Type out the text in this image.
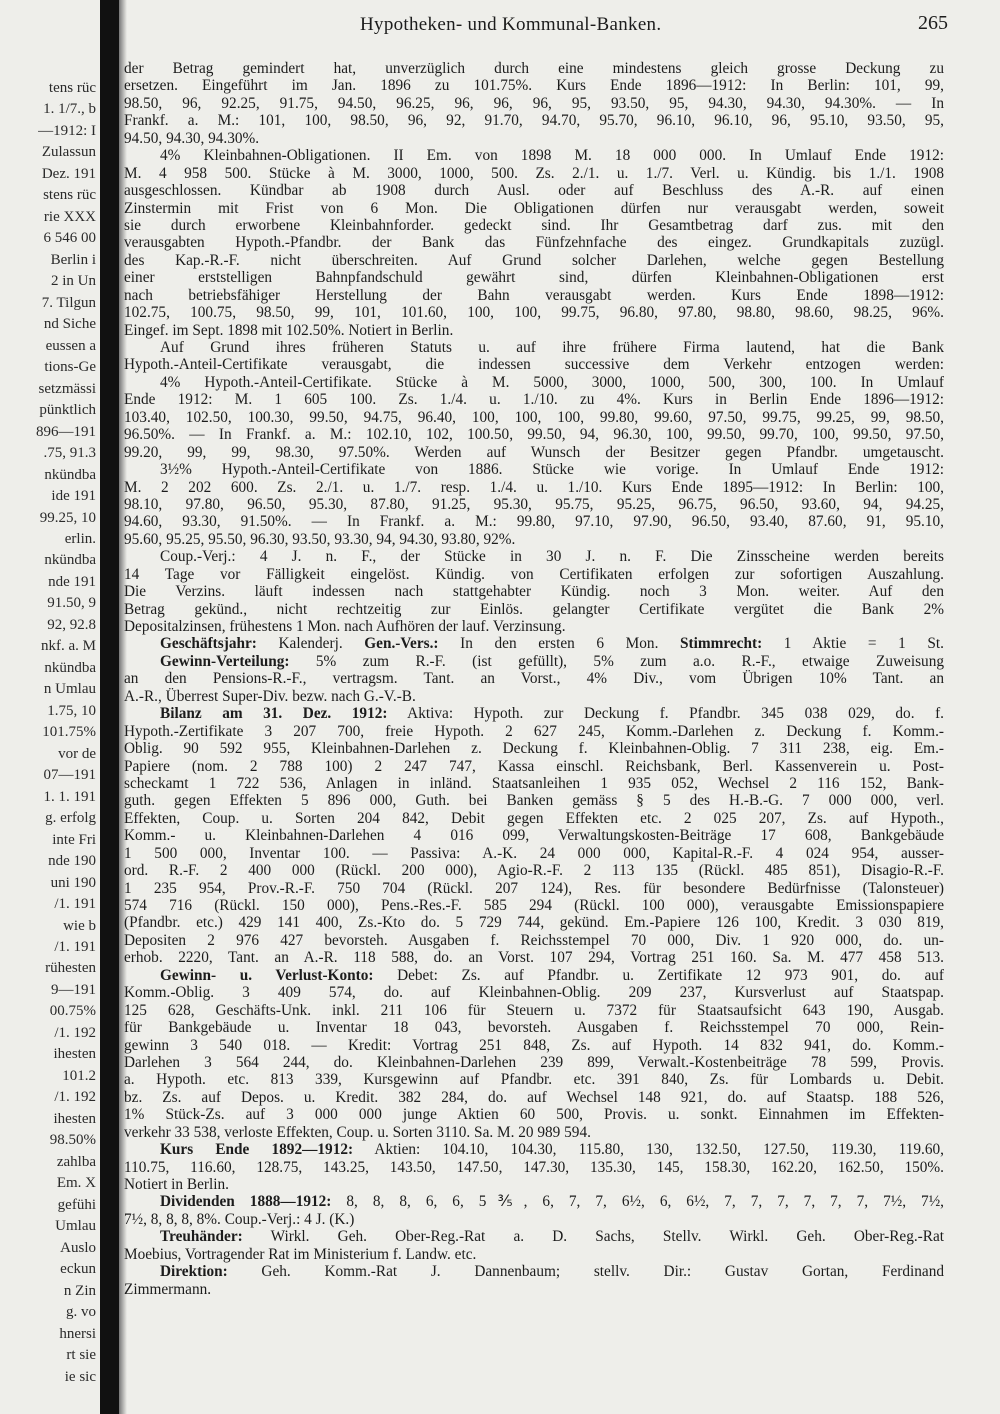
tens rüc
1. 1/7., b
—1912: I
Zulassun
Dez. 191
stens rüc
rie XXX
6 546 00
Berlin i
2 in Un
7. Tilgun
nd Siche
eussen a
tions-Ge
setzmässi
pünktlich
896—191
.75, 91.3
nkündba
ide 191
99.25, 10
erlin.
nkündba
nde 191
91.50, 9
92, 92.8
nkf. a. M
nkündba
n Umlau
1.75, 10
101.75%
vor de
07—191
1. 1. 191
g. erfolg
inte Fri
nde 190
uni 190
/1. 191
wie b
/1. 191
rühesten
9—191
00.75%
/1. 192
ihesten
101.2
/1. 192
ihesten
98.50%
zahlba
Em. X
gefühi
Umlau
Auslo
eckun
n Zin
g. vo
hnersi
rt sie
ie sic
Hypotheken- und Kommunal-Banken.	265
der Betrag gemindert hat, unverzüglich durch eine mindestens gleich grosse Deckung zu
ersetzen. Eingeführt im Jan. 1896 zu 101.75%. Kurs Ende 1896—1912: In Berlin: 101, 99,
98.50, 96, 92.25, 91.75, 94.50, 96.25, 96, 96, 96, 95, 93.50, 95, 94.30, 94.30, 94.30%. — In
Frankf. a. M.: 101, 100, 98.50, 96, 92, 91.70, 94.70, 95.70, 96.10, 96.10, 96, 95.10, 93.50, 95,
94.50, 94.30, 94.30%.
4% Kleinbahnen-Obligationen. II Em. von 1898 M. 18 000 000. In Umlauf Ende 1912:
M. 4 958 500. Stücke à M. 3000, 1000, 500. Zs. 2./1. u. 1./7. Verl. u. Kündig. bis 1./1. 1908
ausgeschlossen. Kündbar ab 1908 durch Ausl. oder auf Beschluss des A.-R. auf einen
Zinstermin mit Frist von 6 Mon. Die Obligationen dürfen nur verausgabt werden, soweit
sie durch erworbene Kleinbahnforder. gedeckt sind. Ihr Gesamtbetrag darf zus. mit den
verausgabten Hypoth.-Pfandbr. der Bank das Fünfzehnfache des eingez. Grundkapitals zuzügl.
des Kap.-R.-F. nicht überschreiten. Auf Grund solcher Darlehen, welche gegen Bestellung
einer erststelligen Bahnpfandschuld gewährt sind, dürfen Kleinbahnen-Obligationen erst
nach betriebsfähiger Herstellung der Bahn verausgabt werden. Kurs Ende 1898—1912:
102.75, 100.75, 98.50, 99, 101, 101.60, 100, 100, 99.75, 96.80, 97.80, 98.80, 98.60, 98.25, 96%.
Eingef. im Sept. 1898 mit 102.50%. Notiert in Berlin.
Auf Grund ihres früheren Statuts u. auf ihre frühere Firma lautend, hat die Bank
Hypoth.-Anteil-Certifikate verausgabt, die indessen successive dem Verkehr entzogen werden:
4% Hypoth.-Anteil-Certifikate. Stücke à M. 5000, 3000, 1000, 500, 300, 100. In Umlauf
Ende 1912: M. 1 605 100. Zs. 1./4. u. 1./10. zu 4%. Kurs in Berlin Ende 1896—1912:
103.40, 102.50, 100.30, 99.50, 94.75, 96.40, 100, 100, 100, 99.80, 99.60, 97.50, 99.75, 99.25, 99, 98.50,
96.50%. — In Frankf. a. M.: 102.10, 102, 100.50, 99.50, 94, 96.30, 100, 99.50, 99.70, 100, 99.50, 97.50,
99.20, 99, 99, 98.30, 97.50%. Werden auf Wunsch der Besitzer gegen Pfandbr. umgetauscht.
3½% Hypoth.-Anteil-Certifikate von 1886. Stücke wie vorige. In Umlauf Ende 1912:
M. 2 202 600. Zs. 2./1. u. 1./7. resp. 1./4. u. 1./10. Kurs Ende 1895—1912: In Berlin: 100,
98.10, 97.80, 96.50, 95.30, 87.80, 91.25, 95.30, 95.75, 95.25, 96.75, 96.50, 93.60, 94, 94.25,
94.60, 93.30, 91.50%. — In Frankf. a. M.: 99.80, 97.10, 97.90, 96.50, 93.40, 87.60, 91, 95.10,
95.60, 95.25, 95.50, 96.30, 93.50, 93.30, 94, 94.30, 93.80, 92%.
Coup.-Verj.: 4 J. n. F., der Stücke in 30 J. n. F. Die Zinsscheine werden bereits
14 Tage vor Fälligkeit eingelöst. Kündig. von Certifikaten erfolgen zur sofortigen Auszahlung.
Die Verzins. läuft indessen nach stattgehabter Kündig. noch 3 Mon. weiter. Auf den
Betrag gekünd., nicht rechtzeitig zur Einlös. gelangter Certifikate vergütet die Bank 2%
Depositalzinsen, frühestens 1 Mon. nach Aufhören der lauf. Verzinsung.
Geschäftsjahr: Kalenderj. Gen.-Vers.: In den ersten 6 Mon. Stimmrecht: 1 Aktie = 1 St.
Gewinn-Verteilung: 5% zum R.-F. (ist gefüllt), 5% zum a.o. R.-F., etwaige Zuweisung
an den Pensions-R.-F., vertragsm. Tant. an Vorst., 4% Div., vom Übrigen 10% Tant. an
A.-R., Überrest Super-Div. bezw. nach G.-V.-B.
Bilanz am 31. Dez. 1912: Aktiva: Hypoth. zur Deckung f. Pfandbr. 345 038 029, do. f.
Hypoth.-Zertifikate 3 207 700, freie Hypoth. 2 627 245, Komm.-Darlehen z. Deckung f. Komm.-
Oblig. 90 592 955, Kleinbahnen-Darlehen z. Deckung f. Kleinbahnen-Oblig. 7 311 238, eig. Em.-
Papiere (nom. 2 788 100) 2 247 747, Kassa einschl. Reichsbank, Berl. Kassenverein u. Post-
scheckamt 1 722 536, Anlagen in inländ. Staatsanleihen 1 935 052, Wechsel 2 116 152, Bank-
guth. gegen Effekten 5 896 000, Guth. bei Banken gemäss § 5 des H.-B.-G. 7 000 000, verl.
Effekten, Coup. u. Sorten 204 842, Debit gegen Effekten etc. 2 025 207, Zs. auf Hypoth.,
Komm.- u. Kleinbahnen-Darlehen 4 016 099, Verwaltungskosten-Beiträge 17 608, Bankgebäude
1 500 000, Inventar 100. — Passiva: A.-K. 24 000 000, Kapital-R.-F. 4 024 954, ausser-
ord. R.-F. 2 400 000 (Rückl. 200 000), Agio-R.-F. 2 113 135 (Rückl. 485 851), Disagio-R.-F.
1 235 954, Prov.-R.-F. 750 704 (Rückl. 207 124), Res. für besondere Bedürfnisse (Talonsteuer)
574 716 (Rückl. 150 000), Pens.-Res.-F. 585 294 (Rückl. 100 000), verausgabte Emissionspapiere
(Pfandbr. etc.) 429 141 400, Zs.-Kto do. 5 729 744, gekünd. Em.-Papiere 126 100, Kredit. 3 030 819,
Depositen 2 976 427 bevorsteh. Ausgaben f. Reichsstempel 70 000, Div. 1 920 000, do. un-
erhob. 2220, Tant. an A.-R. 118 588, do. an Vorst. 107 294, Vortrag 251 160. Sa. M. 477 458 513.
Gewinn- u. Verlust-Konto: Debet: Zs. auf Pfandbr. u. Zertifikate 12 973 901, do. auf
Komm.-Oblig. 3 409 574, do. auf Kleinbahnen-Oblig. 209 237, Kursverlust auf Staatspap.
125 628, Geschäfts-Unk. inkl. 211 106 für Steuern u. 7372 für Staatsaufsicht 643 190, Ausgab.
für Bankgebäude u. Inventar 18 043, bevorsteh. Ausgaben f. Reichsstempel 70 000, Rein-
gewinn 3 540 018. — Kredit: Vortrag 251 848, Zs. auf Hypoth. 14 832 941, do. Komm.-
Darlehen 3 564 244, do. Kleinbahnen-Darlehen 239 899, Verwalt.-Kostenbeiträge 78 599, Provis.
a. Hypoth. etc. 813 339, Kursgewinn auf Pfandbr. etc. 391 840, Zs. für Lombards u. Debit.
bz. Zs. auf Depos. u. Kredit. 382 284, do. auf Wechsel 148 921, do. auf Staatsp. 188 526,
1% Stück-Zs. auf 3 000 000 junge Aktien 60 500, Provis. u. sonkt. Einnahmen im Effekten-
verkehr 33 538, verloste Effekten, Coup. u. Sorten 3110. Sa. M. 20 989 594.
Kurs Ende 1892—1912: Aktien: 104.10, 104.30, 115.80, 130, 132.50, 127.50, 119.30, 119.60,
110.75, 116.60, 128.75, 143.25, 143.50, 147.50, 147.30, 135.30, 145, 158.30, 162.20, 162.50, 150%.
Notiert in Berlin.
Dividenden 1888—1912: 8, 8, 8, 6, 6, 5⅗, 6, 7, 7, 6½, 6, 6½, 7, 7, 7, 7, 7, 7, 7½, 7½,
7½, 8, 8, 8, 8%. Coup.-Verj.: 4 J. (K.)
Treuhänder: Wirkl. Geh. Ober-Reg.-Rat a. D. Sachs, Stellv. Wirkl. Geh. Ober-Reg.-Rat
Moebius, Vortragender Rat im Ministerium f. Landw. etc.
Direktion: Geh. Komm.-Rat J. Dannenbaum; stellv. Dir.: Gustav Gortan, Ferdinand
Zimmermann.
